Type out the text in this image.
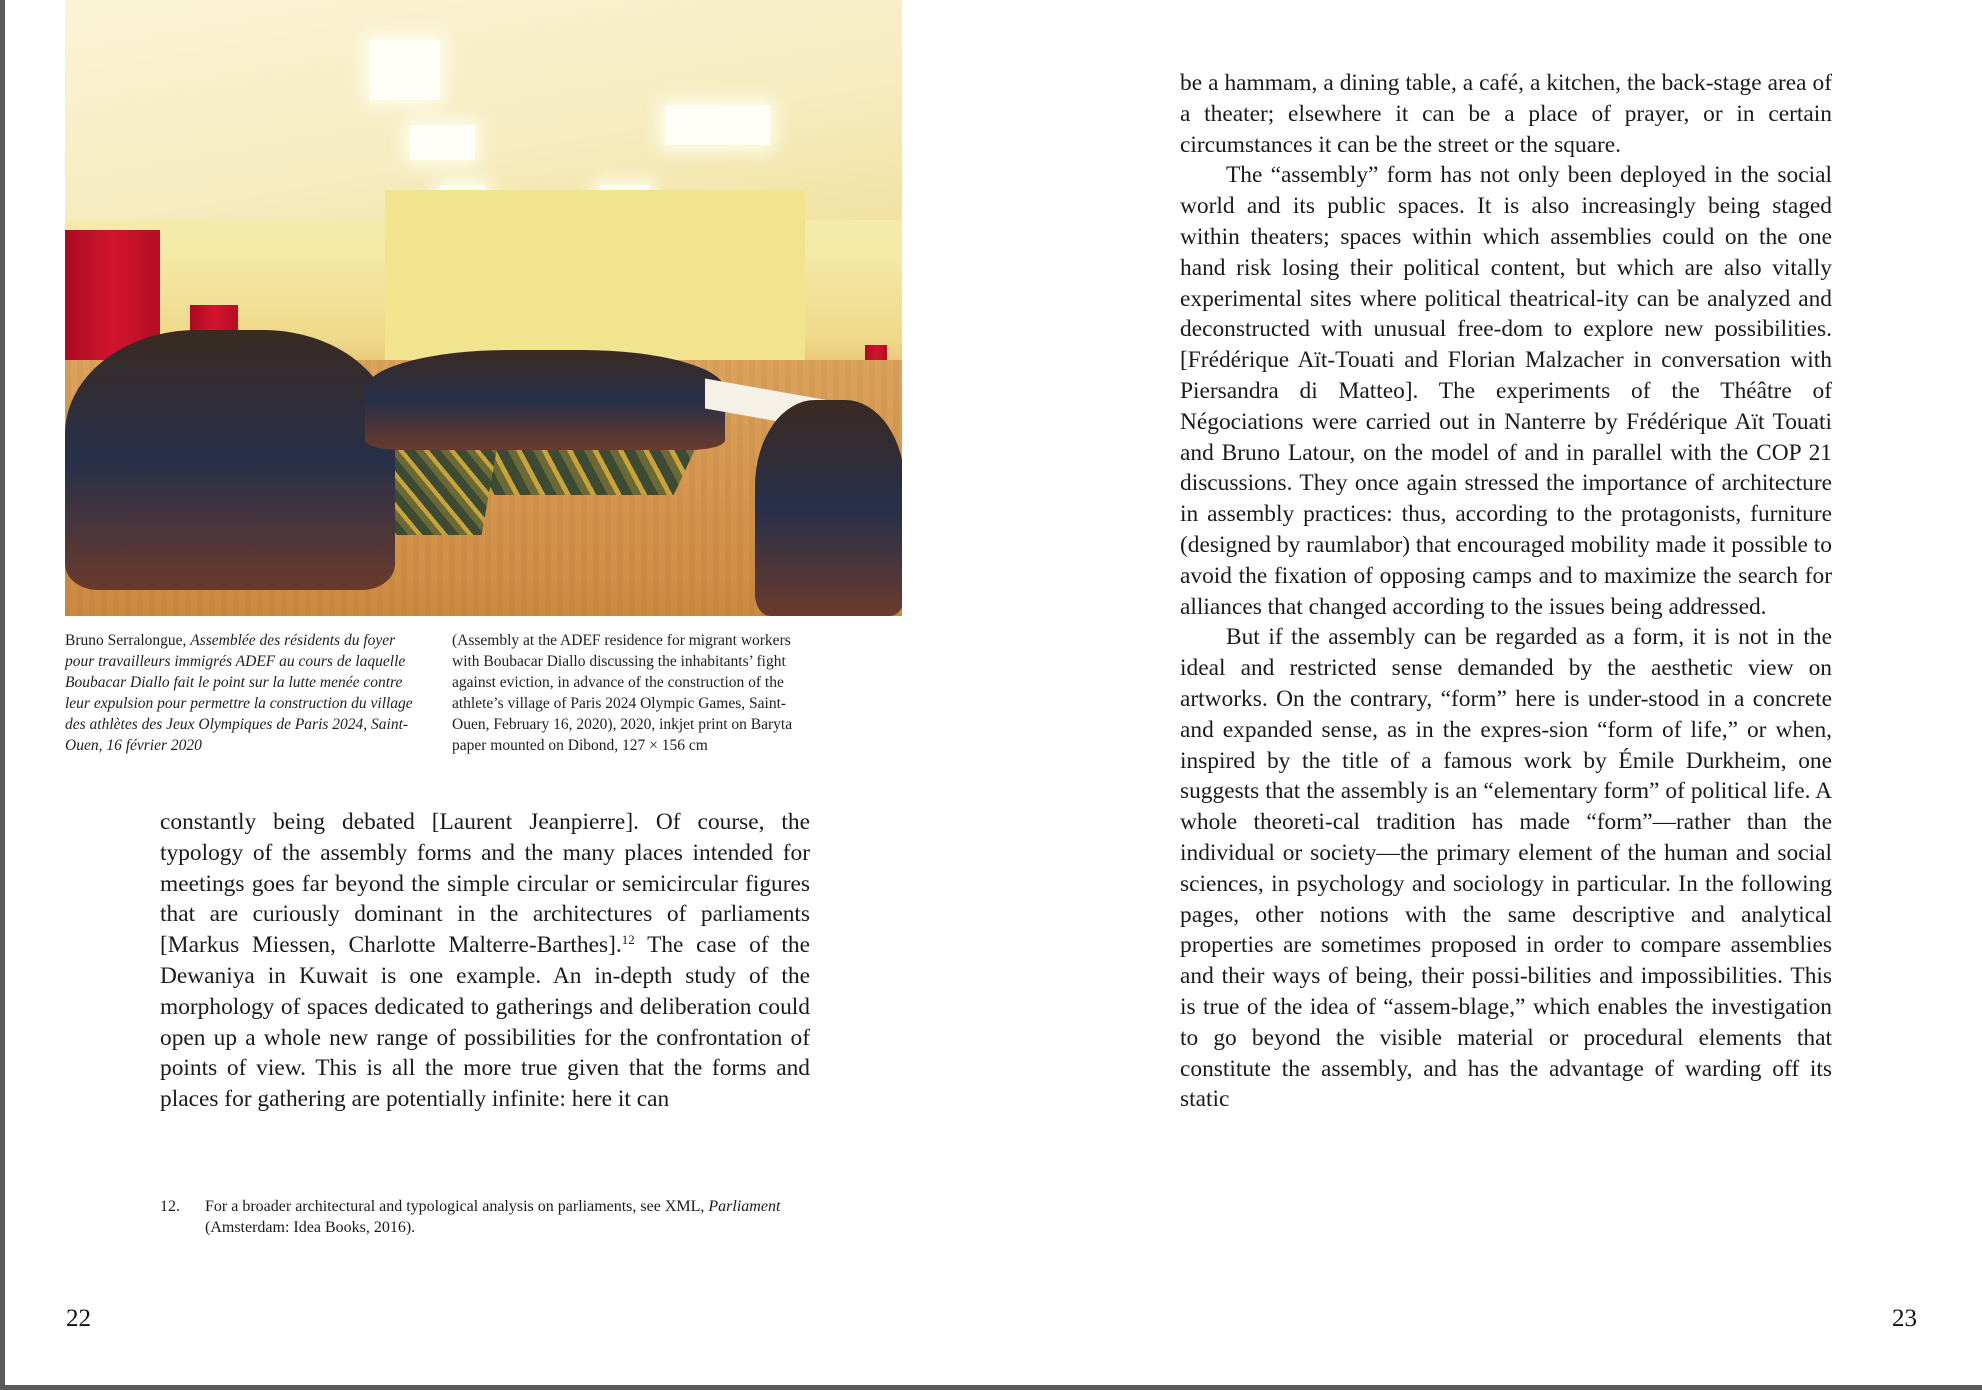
Bruno Serralongue, Assemblée des résidents du foyer pour travailleurs immigrés ADEF au cours de laquelle Boubacar Diallo fait le point sur la lutte menée contre leur expulsion pour permettre la construction du village des athlètes des Jeux Olympiques de Paris 2024, Saint-Ouen, 16 février 2020
(Assembly at the ADEF residence for migrant workers with Boubacar Diallo discussing the inhabitants’ fight against eviction, in advance of the construction of the athlete’s village of Paris 2024 Olympic Games, Saint-Ouen, February 16, 2020), 2020, inkjet print on Baryta paper mounted on Dibond, 127 × 156 cm

constantly being debated [Laurent Jeanpierre]. Of course, the typology of the assembly forms and the many places intended for meetings goes far beyond the simple circular or semicircular figures that are curiously dominant in the architectures of parliaments [Markus Miessen, Charlotte Malterre-Barthes].$^{12}$ The case of the Dewaniya in Kuwait is one example. An in-depth study of the morphology of spaces dedicated to gatherings and deliberation could open up a whole new range of possibilities for the confrontation of points of view. This is all the more true given that the forms and places for gathering are potentially infinite: here it can

12. For a broader architectural and typological analysis on parliaments, see XML, Parliament (Amsterdam: Idea Books, 2016).
22

be a hammam, a dining table, a café, a kitchen, the back-stage area of a theater; elsewhere it can be a place of prayer, or in certain circumstances it can be the street or the square.

The “assembly” form has not only been deployed in the social world and its public spaces. It is also increasingly being staged within theaters; spaces within which assemblies could on the one hand risk losing their political content, but which are also vitally experimental sites where political theatrical-ity can be analyzed and deconstructed with unusual free-dom to explore new possibilities. [Frédérique Aït-Touati and Florian Malzacher in conversation with Piersandra di Matteo]. The experiments of the Théâtre of Négociations were carried out in Nanterre by Frédérique Aït Touati and Bruno Latour, on the model of and in parallel with the COP 21 discussions. They once again stressed the importance of architecture in assembly practices: thus, according to the protagonists, furniture (designed by raumlabor) that encouraged mobility made it possible to avoid the fixation of opposing camps and to maximize the search for alliances that changed according to the issues being addressed.

But if the assembly can be regarded as a form, it is not in the ideal and restricted sense demanded by the aesthetic view on artworks. On the contrary, “form” here is under-stood in a concrete and expanded sense, as in the expres-sion “form of life,” or when, inspired by the title of a famous work by Émile Durkheim, one suggests that the assembly is an “elementary form” of political life. A whole theoreti-cal tradition has made “form”—rather than the individual or society—the primary element of the human and social sciences, in psychology and sociology in particular. In the following pages, other notions with the same descriptive and analytical properties are sometimes proposed in order to compare assemblies and their ways of being, their possi-bilities and impossibilities. This is true of the idea of “assem-blage,” which enables the investigation to go beyond the visible material or procedural elements that constitute the assembly, and has the advantage of warding off its static

23
